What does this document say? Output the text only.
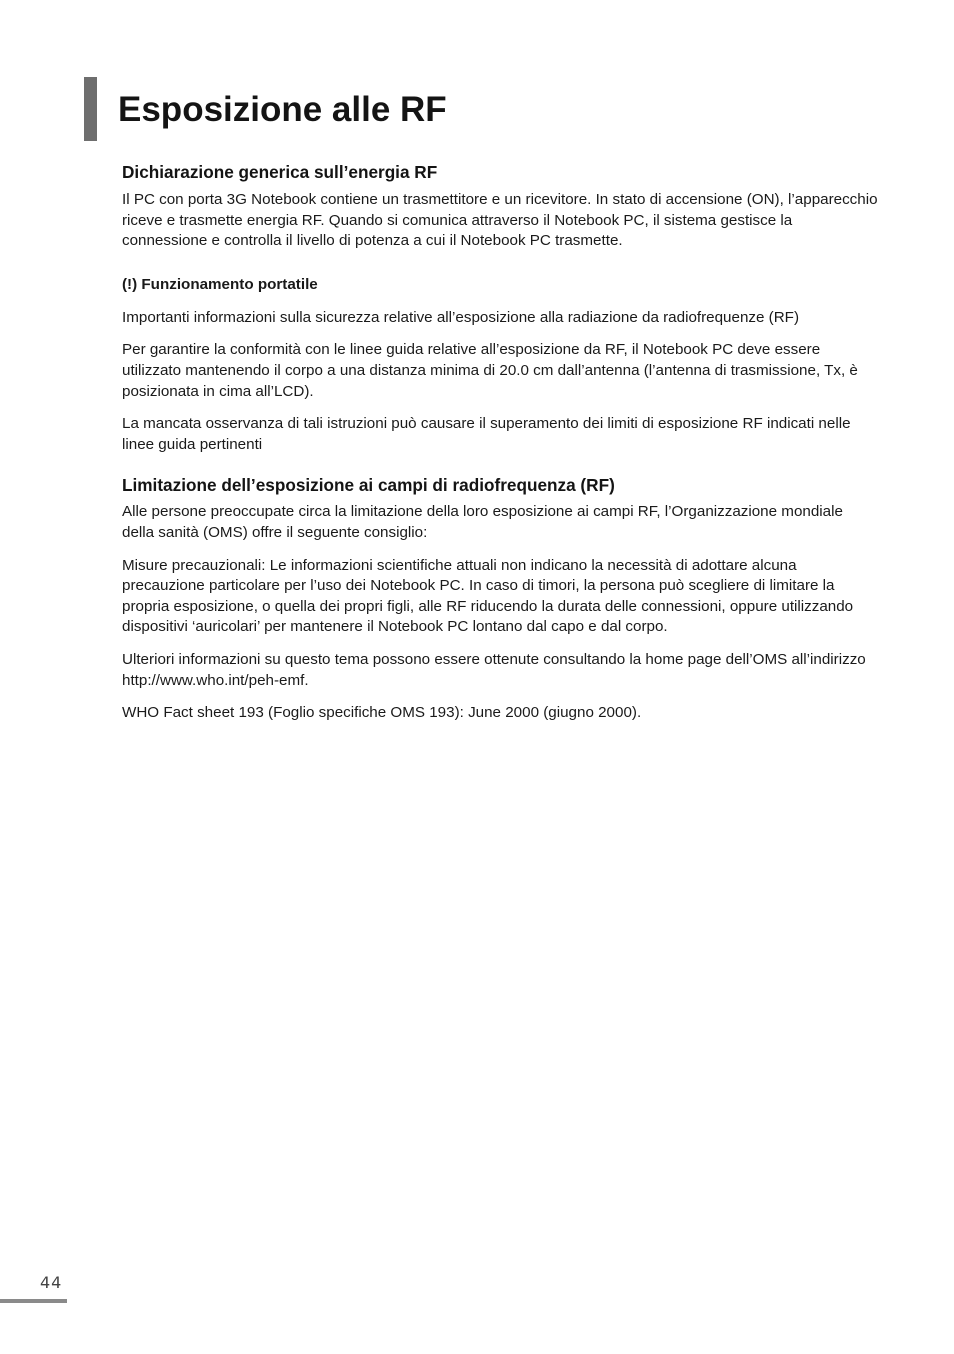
Esposizione alle RF
Dichiarazione generica sull’energia RF

Il PC con porta 3G Notebook contiene un trasmettitore e un ricevitore. In stato di accensione (ON), l’apparecchio riceve e trasmette energia RF. Quando si comunica attraverso il Notebook PC, il sistema gestisce la connessione e controlla il livello di potenza a cui il Notebook PC trasmette.

(!) Funzionamento portatile

Importanti informazioni sulla sicurezza relative all’esposizione alla radiazione da radiofrequenze (RF)

Per garantire la conformità con le linee guida relative all’esposizione da RF, il Notebook PC deve essere utilizzato mantenendo il corpo a una distanza minima di 20.0 cm dall’antenna (l’antenna di trasmissione, Tx, è posizionata in cima all’LCD).

La mancata osservanza di tali istruzioni può causare il superamento dei limiti di esposizione RF indicati nelle linee guida pertinenti

Limitazione dell’esposizione ai campi di radiofrequenza (RF)

Alle persone preoccupate circa la limitazione della loro esposizione ai campi RF, l’Organizzazione mondiale della sanità (OMS) offre il seguente consiglio:

Misure precauzionali: Le informazioni scientifiche attuali non indicano la necessità di adottare alcuna precauzione particolare per l’uso dei Notebook PC. In caso di timori, la persona può scegliere di limitare la propria esposizione, o quella dei propri figli, alle RF riducendo la durata delle connessioni, oppure utilizzando dispositivi ‘auricolari’ per mantenere il Notebook PC lontano dal capo e dal corpo.

Ulteriori informazioni su questo tema possono essere ottenute consultando la home page dell’OMS all’indirizzo http://www.who.int/peh-emf.

WHO Fact sheet 193 (Foglio specifiche OMS 193): June 2000 (giugno 2000).

44
